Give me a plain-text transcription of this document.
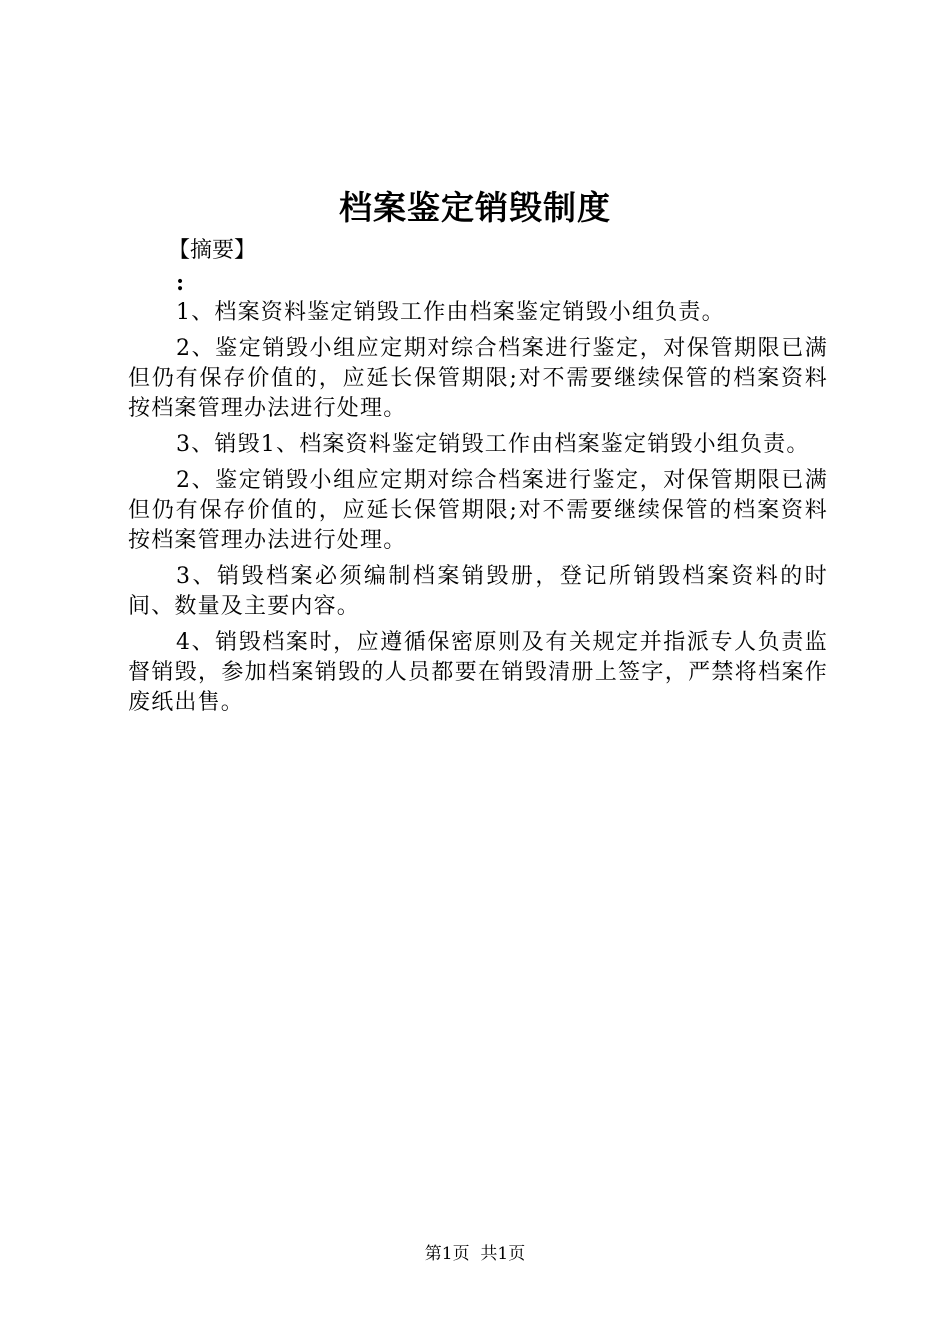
档案鉴定销毁制度

【摘要】

:

1、档案资料鉴定销毁工作由档案鉴定销毁小组负责。

2、鉴定销毁小组应定期对综合档案进行鉴定，对保管期限已满但仍有保存价值的，应延长保管期限;对不需要继续保管的档案资料按档案管理办法进行处理。

3、销毁1、档案资料鉴定销毁工作由档案鉴定销毁小组负责。

2、鉴定销毁小组应定期对综合档案进行鉴定，对保管期限已满但仍有保存价值的，应延长保管期限;对不需要继续保管的档案资料按档案管理办法进行处理。

3、销毁档案必须编制档案销毁册，登记所销毁档案资料的时间、数量及主要内容。

4、销毁档案时，应遵循保密原则及有关规定并指派专人负责监督销毁，参加档案销毁的人员都要在销毁清册上签字，严禁将档案作废纸出售。

第1页 共1页
